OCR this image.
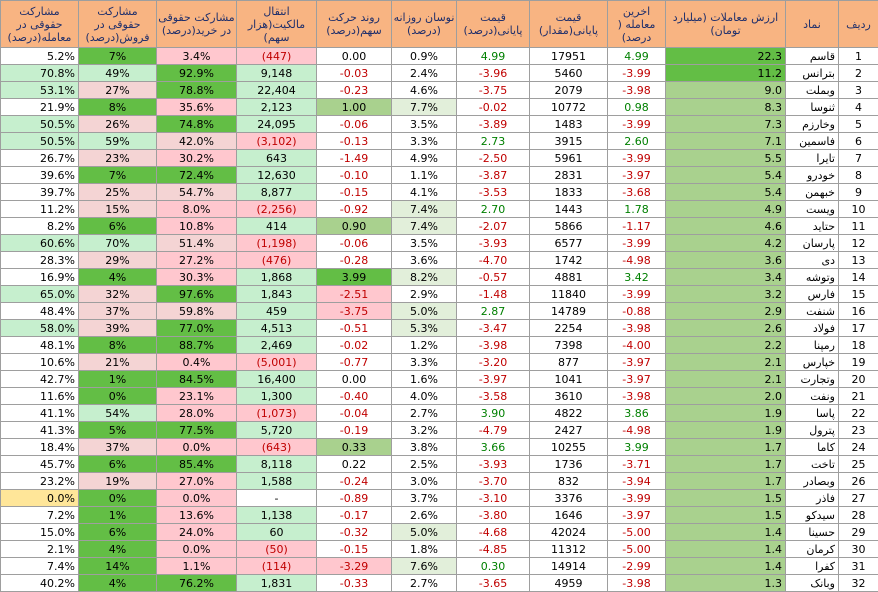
مشارکت حقوقی در معامله(درصد)	مشارکت حقوقی در فروش(درصد)	مشارکت حقوقی در خرید(درصد)	انتقال مالکیت(هزار سهم)	روند حرکت سهم(درصد)	نوسان روزانه (درصد)	قیمت پایانی(درصد)	قیمت پایانی(مقدار)	اخرین معامله ( درصد)	ارزش معاملات (میلیارد تومان)	نماد	ردیف
5.2%	7%	3.4%	(447)	0.00	0.9%	4.99	17951	4.99	22.3	قاسم	1
70.8%	49%	92.9%	9,148	-0.03	2.4%	-3.96	5460	-3.99	11.2	بترانس	2
53.1%	27%	78.8%	22,404	-0.23	4.6%	-3.75	2079	-3.98	9.0	وبملت	3
21.9%	8%	35.6%	2,123	1.00	7.7%	-0.02	10772	0.98	8.3	ثنوسا	4
50.5%	26%	74.8%	24,095	-0.06	3.5%	-3.89	1483	-3.99	7.3	وخارزم	5
50.5%	59%	42.0%	(3,102)	-0.13	3.3%	2.73	3915	2.60	7.1	فاسمین	6
26.7%	23%	30.2%	643	-1.49	4.9%	-2.50	5961	-3.99	5.5	تایرا	7
39.6%	7%	72.4%	12,630	-0.10	1.1%	-3.87	2831	-3.97	5.4	خودرو	8
39.7%	25%	54.7%	8,877	-0.15	4.1%	-3.53	1833	-3.68	5.4	خبهمن	9
11.2%	15%	8.0%	(2,256)	-0.92	7.4%	2.70	1443	1.78	4.9	ویست	10
8.2%	6%	10.8%	414	0.90	7.4%	-2.07	5866	-1.17	4.6	حتاید	11
60.6%	70%	51.4%	(1,198)	-0.06	3.5%	-3.93	6577	-3.99	4.2	پارسان	12
28.3%	29%	27.2%	(476)	-0.28	3.6%	-4.70	1742	-4.98	3.6	دی	13
16.9%	4%	30.3%	1,868	3.99	8.2%	-0.57	4881	3.42	3.4	وتوشه	14
65.0%	32%	97.6%	1,843	-2.51	2.9%	-1.48	11840	-3.99	3.2	فارس	15
48.4%	37%	59.8%	459	-3.75	5.0%	2.87	14789	-0.88	2.9	شنفت	16
58.0%	39%	77.0%	4,513	-0.51	5.3%	-3.47	2254	-3.98	2.6	فولاد	17
48.1%	8%	88.7%	2,469	-0.02	1.2%	-3.98	7398	-4.00	2.2	رمپنا	18
10.6%	21%	0.4%	(5,001)	-0.77	3.3%	-3.20	877	-3.97	2.1	خپارس	19
42.7%	1%	84.5%	16,400	0.00	1.6%	-3.97	1041	-3.97	2.1	وتجارت	20
11.6%	0%	23.1%	1,300	-0.40	4.0%	-3.58	3610	-3.98	2.0	ونفت	21
41.1%	54%	28.0%	(1,073)	-0.04	2.7%	3.90	4822	3.86	1.9	پاسا	22
41.3%	5%	77.5%	5,720	-0.19	3.2%	-4.79	2427	-4.98	1.9	پترول	23
18.4%	37%	0.0%	(643)	0.33	3.8%	3.66	10255	3.99	1.7	کاما	24
45.7%	6%	85.4%	8,118	0.22	2.5%	-3.93	1736	-3.71	1.7	تاخت	25
23.2%	19%	27.0%	1,588	-0.24	3.0%	-3.70	832	-3.94	1.7	وبصادر	26
0.0%	0%	0.0%	-	-0.89	3.7%	-3.10	3376	-3.99	1.5	فاذر	27
7.2%	1%	13.6%	1,138	-0.17	2.6%	-3.80	1646	-3.97	1.5	سیدکو	28
15.0%	6%	24.0%	60	-0.32	5.0%	-4.68	42024	-5.00	1.4	حسینا	29
2.1%	4%	0.0%	(50)	-0.15	1.8%	-4.85	11312	-5.00	1.4	کرمان	30
7.4%	14%	1.1%	(114)	-3.29	7.6%	0.30	14914	-2.99	1.4	کفرا	31
40.2%	4%	76.2%	1,831	-0.33	2.7%	-3.65	4959	-3.98	1.3	وبانک	32
